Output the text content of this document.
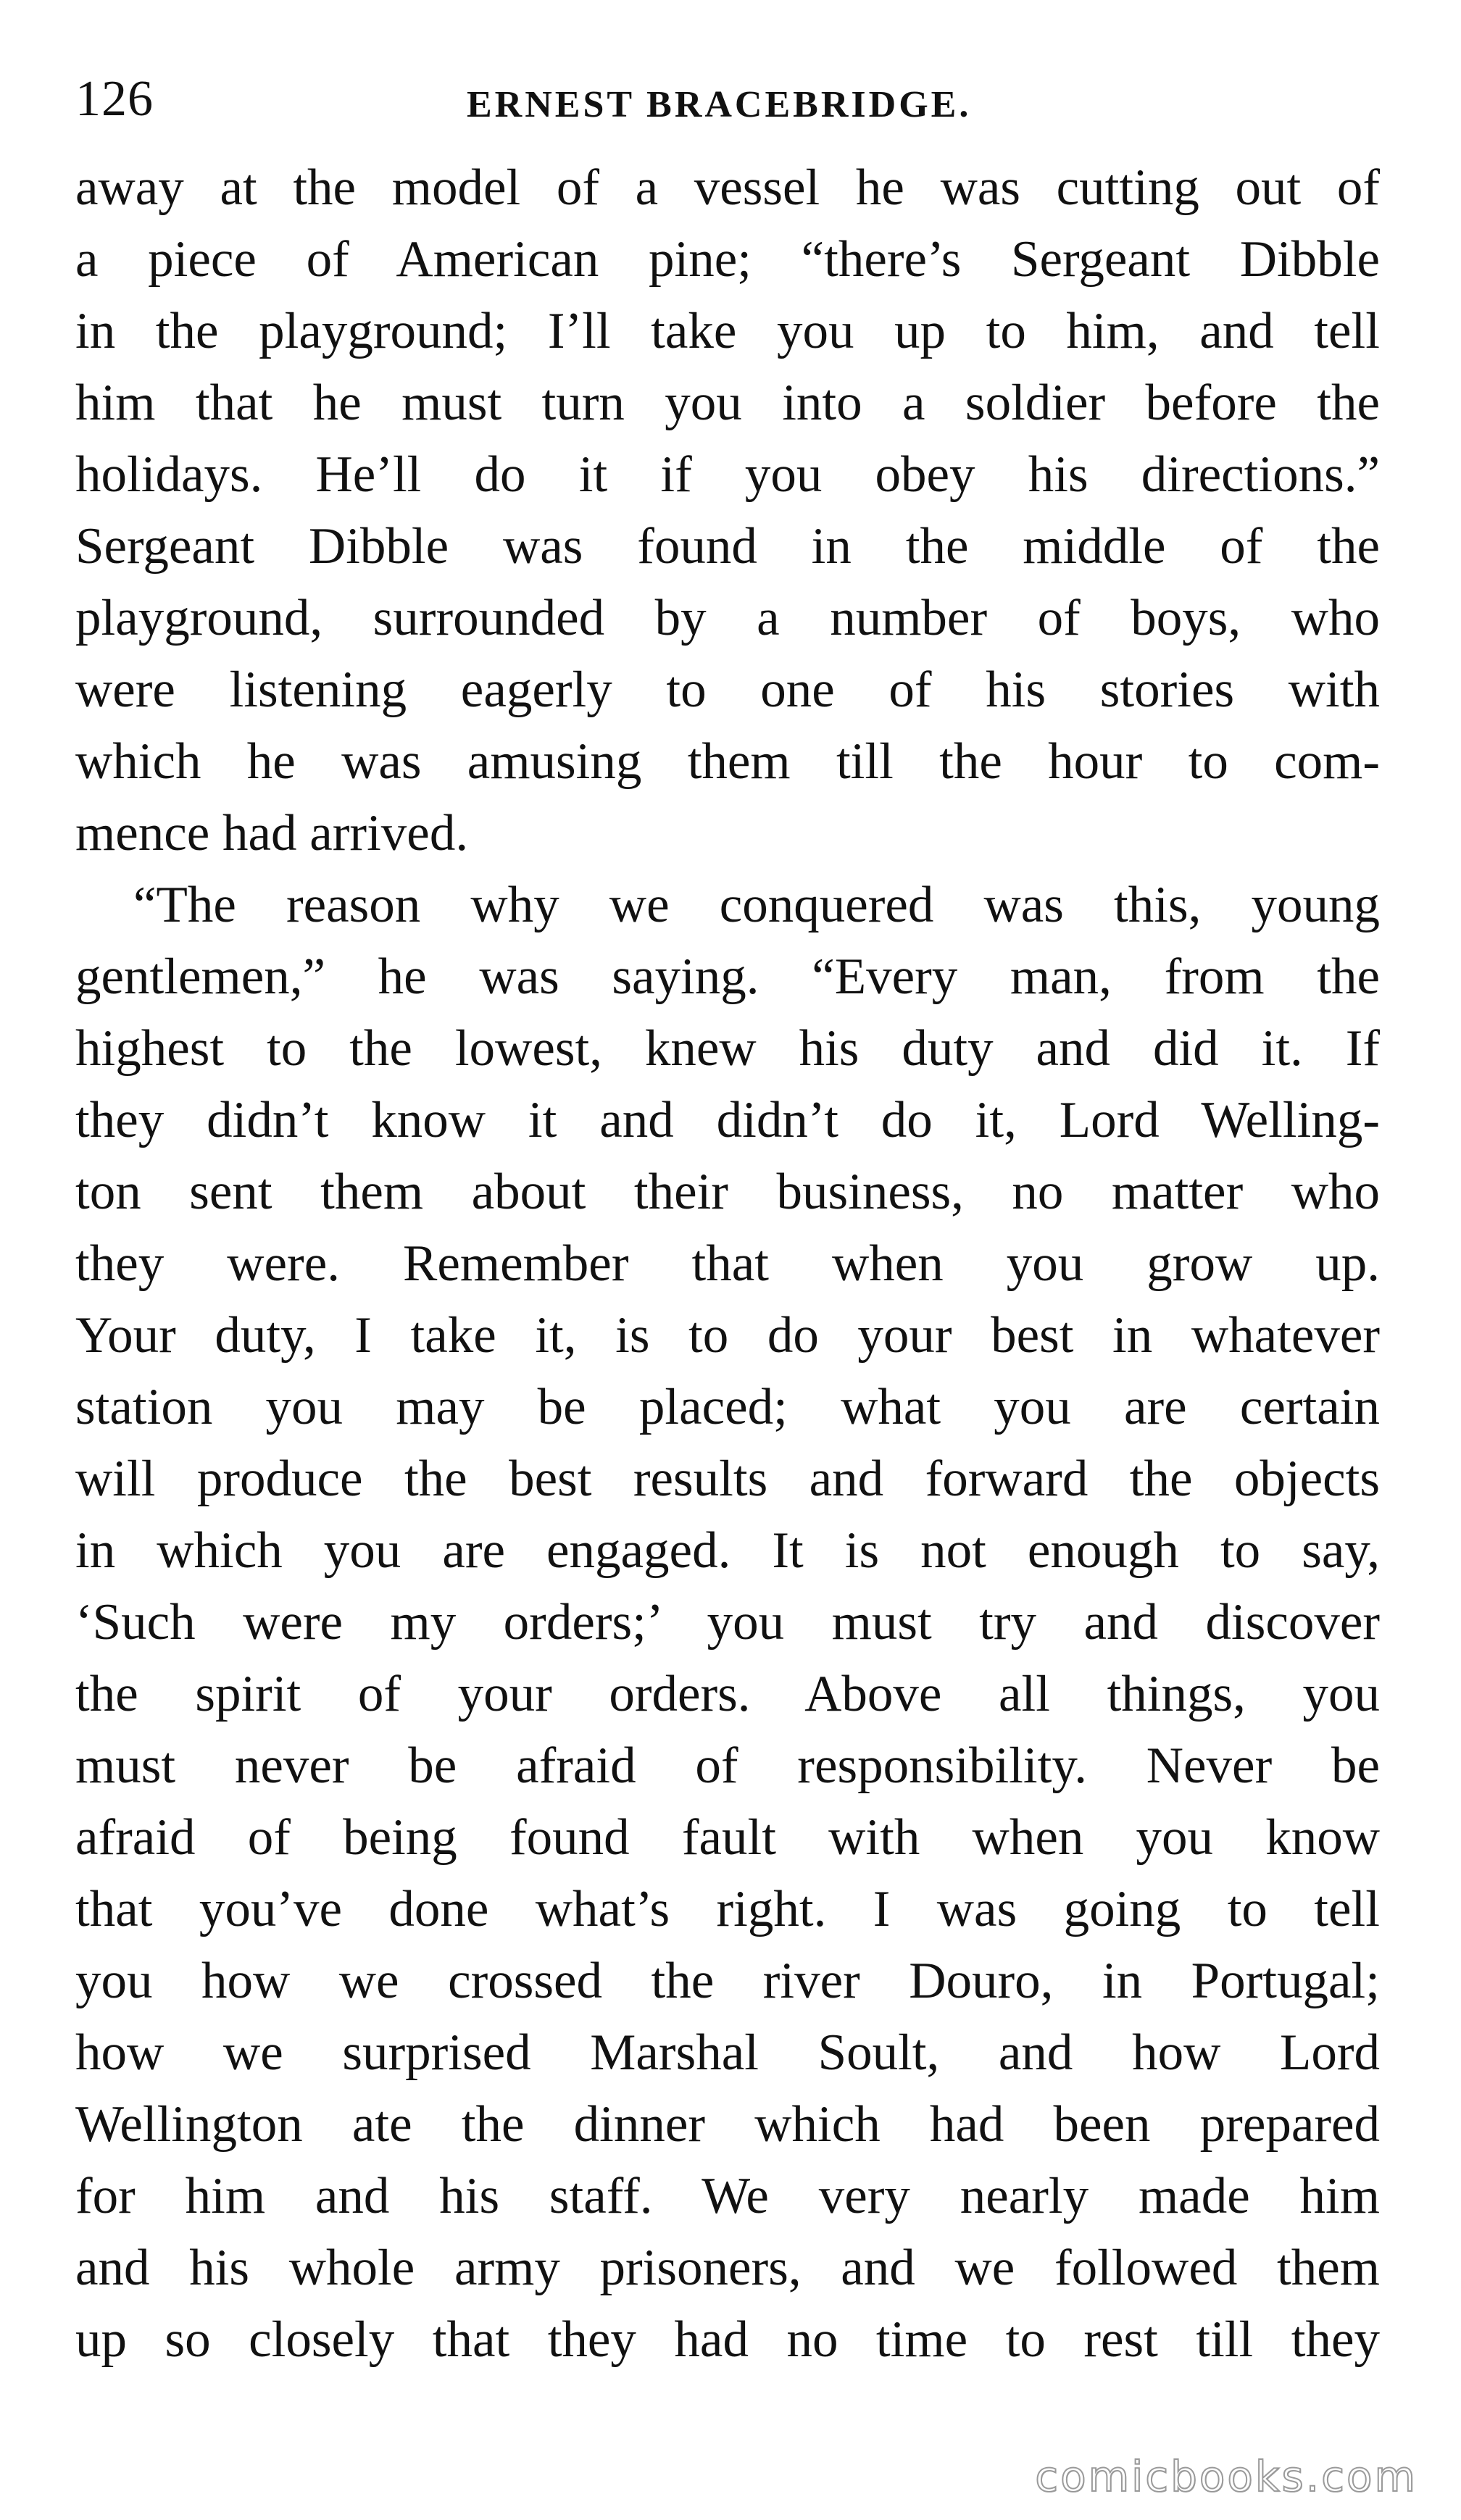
126	ERNEST BRACEBRIDGE.
away at the model of a vessel he was cutting out of
a piece of American pine; “there’s Sergeant Dibble
in the playground; I’ll take you up to him, and tell
him that he must turn you into a soldier before the
holidays. He’ll do it if you obey his directions.”
Sergeant Dibble was found in the middle of the
playground, surrounded by a number of boys, who
were listening eagerly to one of his stories with
which he was amusing them till the hour to com-
mence had arrived.
“The reason why we conquered was this, young
gentlemen,” he was saying. “Every man, from the
highest to the lowest, knew his duty and did it. If
they didn’t know it and didn’t do it, Lord Welling-
ton sent them about their business, no matter who
they were. Remember that when you grow up.
Your duty, I take it, is to do your best in whatever
station you may be placed; what you are certain
will produce the best results and forward the objects
in which you are engaged. It is not enough to say,
‘Such were my orders;’ you must try and discover
the spirit of your orders. Above all things, you
must never be afraid of responsibility. Never be
afraid of being found fault with when you know
that you’ve done what’s right. I was going to tell
you how we crossed the river Douro, in Portugal;
how we surprised Marshal Soult, and how Lord
Wellington ate the dinner which had been prepared
for him and his staff. We very nearly made him
and his whole army prisoners, and we followed them
up so closely that they had no time to rest till they
comicbooks.com
